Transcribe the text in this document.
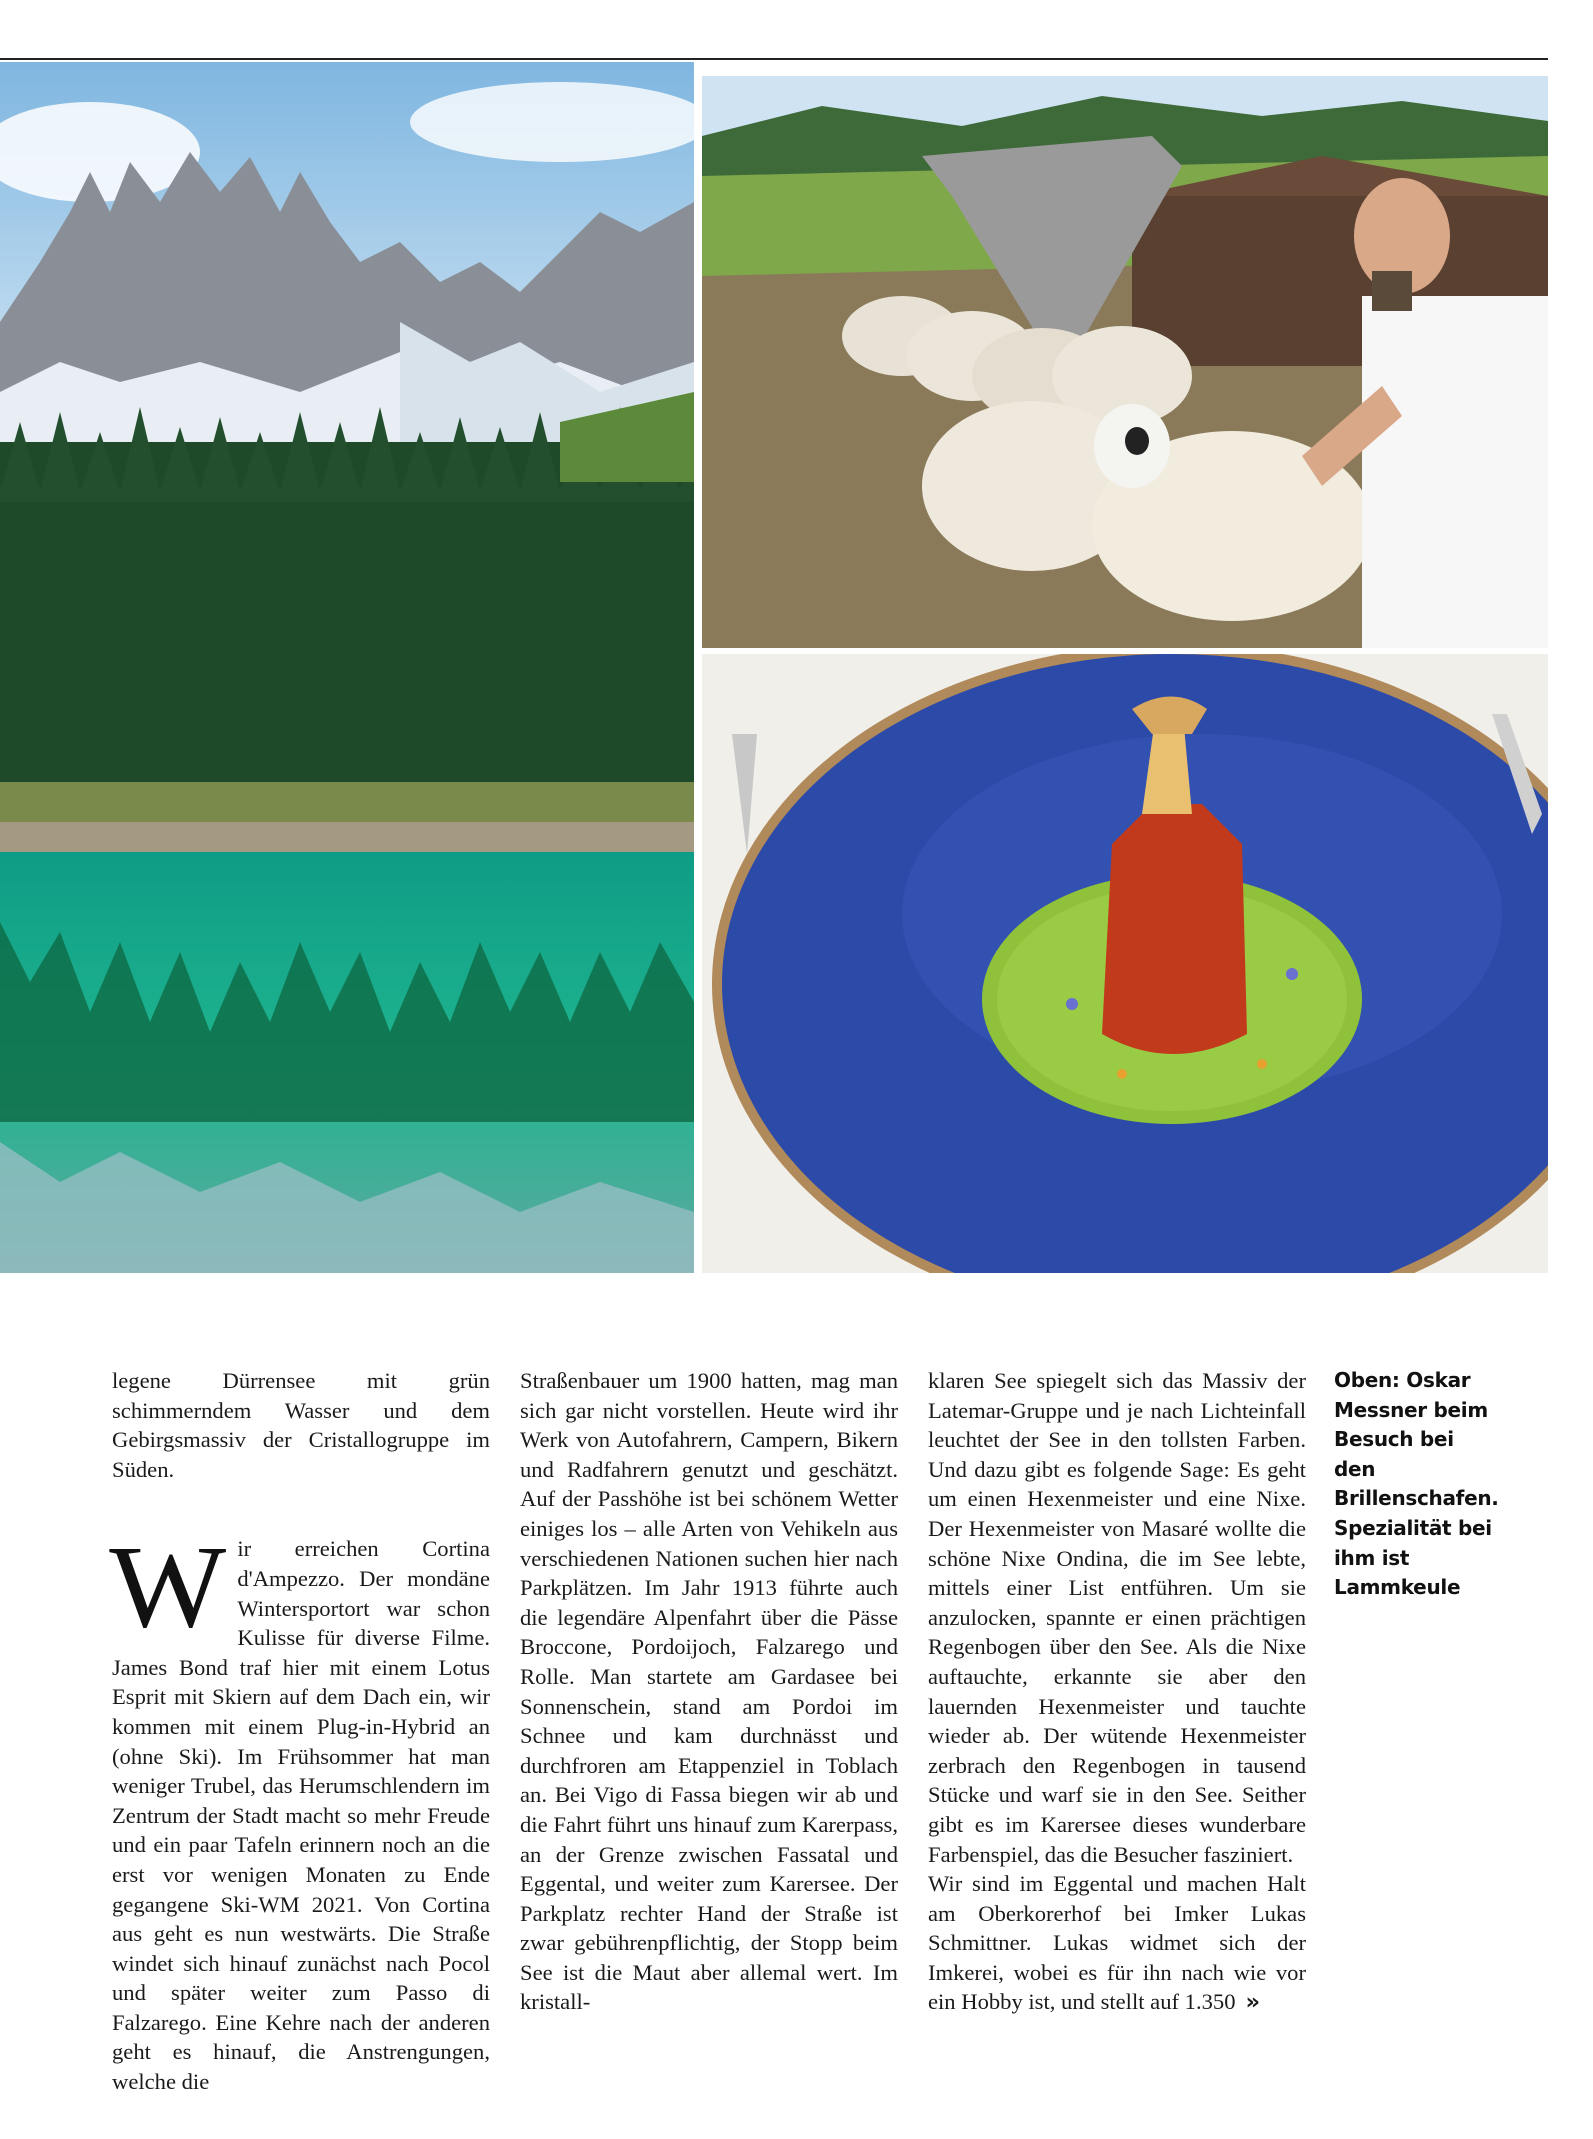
legene Dürrensee mit grün schimmerndem Wasser und dem Gebirgsmassiv der Cristallogruppe im Süden.

Wir erreichen Cortina d'Ampezzo. Der mondäne Wintersportort war schon Kulisse für diverse Filme. James Bond traf hier mit einem Lotus Esprit mit Skiern auf dem Dach ein, wir kommen mit einem Plug-in-Hybrid an (ohne Ski). Im Frühsommer hat man weniger Trubel, das Herumschlendern im Zentrum der Stadt macht so mehr Freude und ein paar Tafeln erinnern noch an die erst vor wenigen Monaten zu Ende gegangene Ski-WM 2021. Von Cortina aus geht es nun westwärts. Die Straße windet sich hinauf zunächst nach Pocol und später weiter zum Passo di Falzarego. Eine Kehre nach der anderen geht es hinauf, die Anstrengungen, welche die

Straßenbauer um 1900 hatten, mag man sich gar nicht vorstellen. Heute wird ihr Werk von Autofahrern, Campern, Bikern und Radfahrern genutzt und geschätzt. Auf der Passhöhe ist bei schönem Wetter einiges los – alle Arten von Vehikeln aus verschiedenen Nationen suchen hier nach Parkplätzen. Im Jahr 1913 führte auch die legendäre Alpenfahrt über die Pässe Broccone, Pordoijoch, Falzarego und Rolle. Man startete am Gardasee bei Sonnenschein, stand am Pordoi im Schnee und kam durchnässt und durchfroren am Etappenziel in Toblach an. Bei Vigo di Fassa biegen wir ab und die Fahrt führt uns hinauf zum Karerpass, an der Grenze zwischen Fassatal und Eggental, und weiter zum Karersee. Der Parkplatz rechter Hand der Straße ist zwar gebührenpflichtig, der Stopp beim See ist die Maut aber allemal wert. Im kristall-

klaren See spiegelt sich das Massiv der Latemar-Gruppe und je nach Lichteinfall leuchtet der See in den tollsten Farben. Und dazu gibt es folgende Sage: Es geht um einen Hexenmeister und eine Nixe. Der Hexenmeister von Masaré wollte die schöne Nixe Ondina, die im See lebte, mittels einer List entführen. Um sie anzulocken, spannte er einen prächtigen Regenbogen über den See. Als die Nixe auftauchte, erkannte sie aber den lauernden Hexenmeister und tauchte wieder ab. Der wütende Hexenmeister zerbrach den Regenbogen in tausend Stücke und warf sie in den See. Seither gibt es im Karersee dieses wunderbare Farbenspiel, das die Besucher fasziniert.

Wir sind im Eggental und machen Halt am Oberkorerhof bei Imker Lukas Schmittner. Lukas widmet sich der Imkerei, wobei es für ihn nach wie vor ein Hobby ist, und stellt auf 1.350 »

Oben: Oskar Messner beim Besuch bei den Brillenschafen. Spezialität bei ihm ist Lammkeule
